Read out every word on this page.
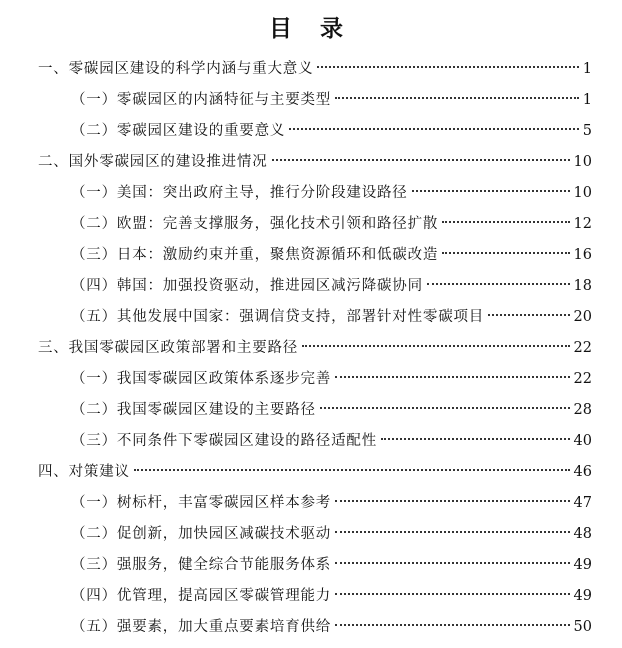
目 录
一、零碳园区建设的科学内涵与重大意义	1
（一）零碳园区的内涵特征与主要类型	1
（二）零碳园区建设的重要意义	5
二、国外零碳园区的建设推进情况	10
（一）美国：突出政府主导，推行分阶段建设路径	10
（二）欧盟：完善支撑服务，强化技术引领和路径扩散	12
（三）日本：激励约束并重，聚焦资源循环和低碳改造	16
（四）韩国：加强投资驱动，推进园区减污降碳协同	18
（五）其他发展中国家：强调信贷支持，部署针对性零碳项目	20
三、我国零碳园区政策部署和主要路径	22
（一）我国零碳园区政策体系逐步完善	22
（二）我国零碳园区建设的主要路径	28
（三）不同条件下零碳园区建设的路径适配性	40
四、对策建议	46
（一）树标杆，丰富零碳园区样本参考	47
（二）促创新，加快园区减碳技术驱动	48
（三）强服务，健全综合节能服务体系	49
（四）优管理，提高园区零碳管理能力	49
（五）强要素，加大重点要素培育供给	50
